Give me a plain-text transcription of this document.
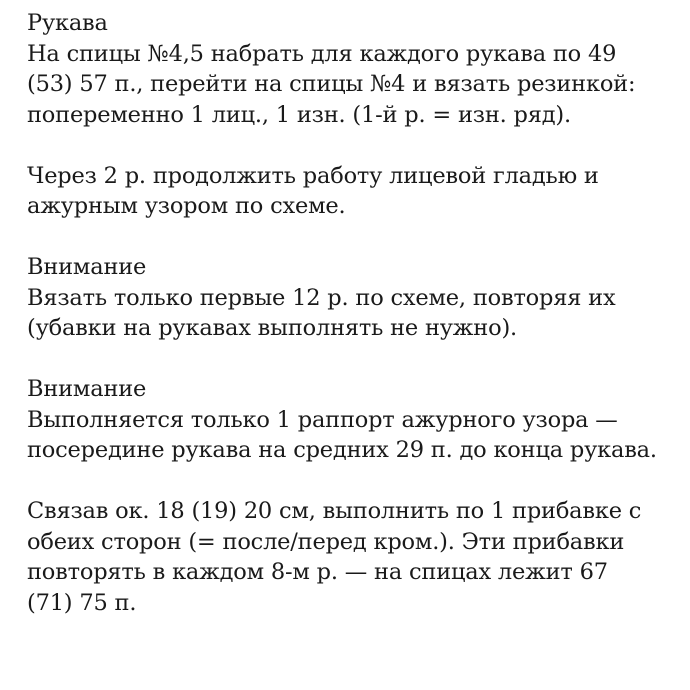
Рукава
На спицы №4,5 набрать для каждого рукава по 49
(53) 57 п., перейти на спицы №4 и вязать резинкой:
попеременно 1 лиц., 1 изн. (1-й р. = изн. ряд).
Через 2 р. продолжить работу лицевой гладью и
ажурным узором по схеме.
Внимание
Вязать только первые 12 р. по схеме, повторяя их
(убавки на рукавах выполнять не нужно).
Внимание
Выполняется только 1 раппорт ажурного узора —
посередине рукава на средних 29 п. до конца рукава.
Связав ок. 18 (19) 20 см, выполнить по 1 прибавке с
обеих сторон (= после/перед кром.). Эти прибавки
повторять в каждом 8-м р. — на спицах лежит 67
(71) 75 п.
